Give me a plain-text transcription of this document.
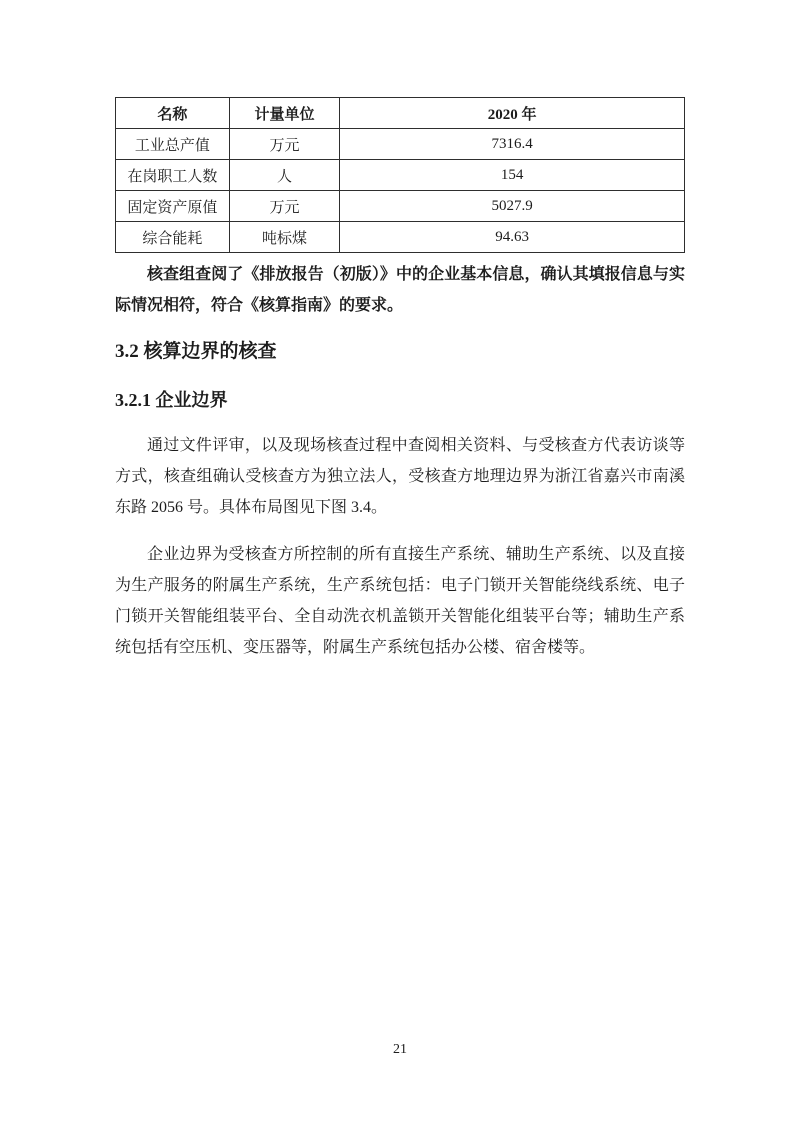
名称	计量单位	2020 年
工业总产值	万元	7316.4
在岗职工人数	人	154
固定资产原值	万元	5027.9
综合能耗	吨标煤	94.63

核查组查阅了《排放报告（初版）》中的企业基本信息，确认其填报信息与实际情况相符，符合《核算指南》的要求。

3.2 核算边界的核查
3.2.1 企业边界

通过文件评审，以及现场核查过程中查阅相关资料、与受核查方代表访谈等方式，核查组确认受核查方为独立法人，受核查方地理边界为浙江省嘉兴市南溪东路 2056 号。具体布局图见下图 3.4。

企业边界为受核查方所控制的所有直接生产系统、辅助生产系统、以及直接为生产服务的附属生产系统，生产系统包括：电子门锁开关智能绕线系统、电子门锁开关智能组装平台、全自动洗衣机盖锁开关智能化组装平台等；辅助生产系统包括有空压机、变压器等，附属生产系统包括办公楼、宿舍楼等。

21
